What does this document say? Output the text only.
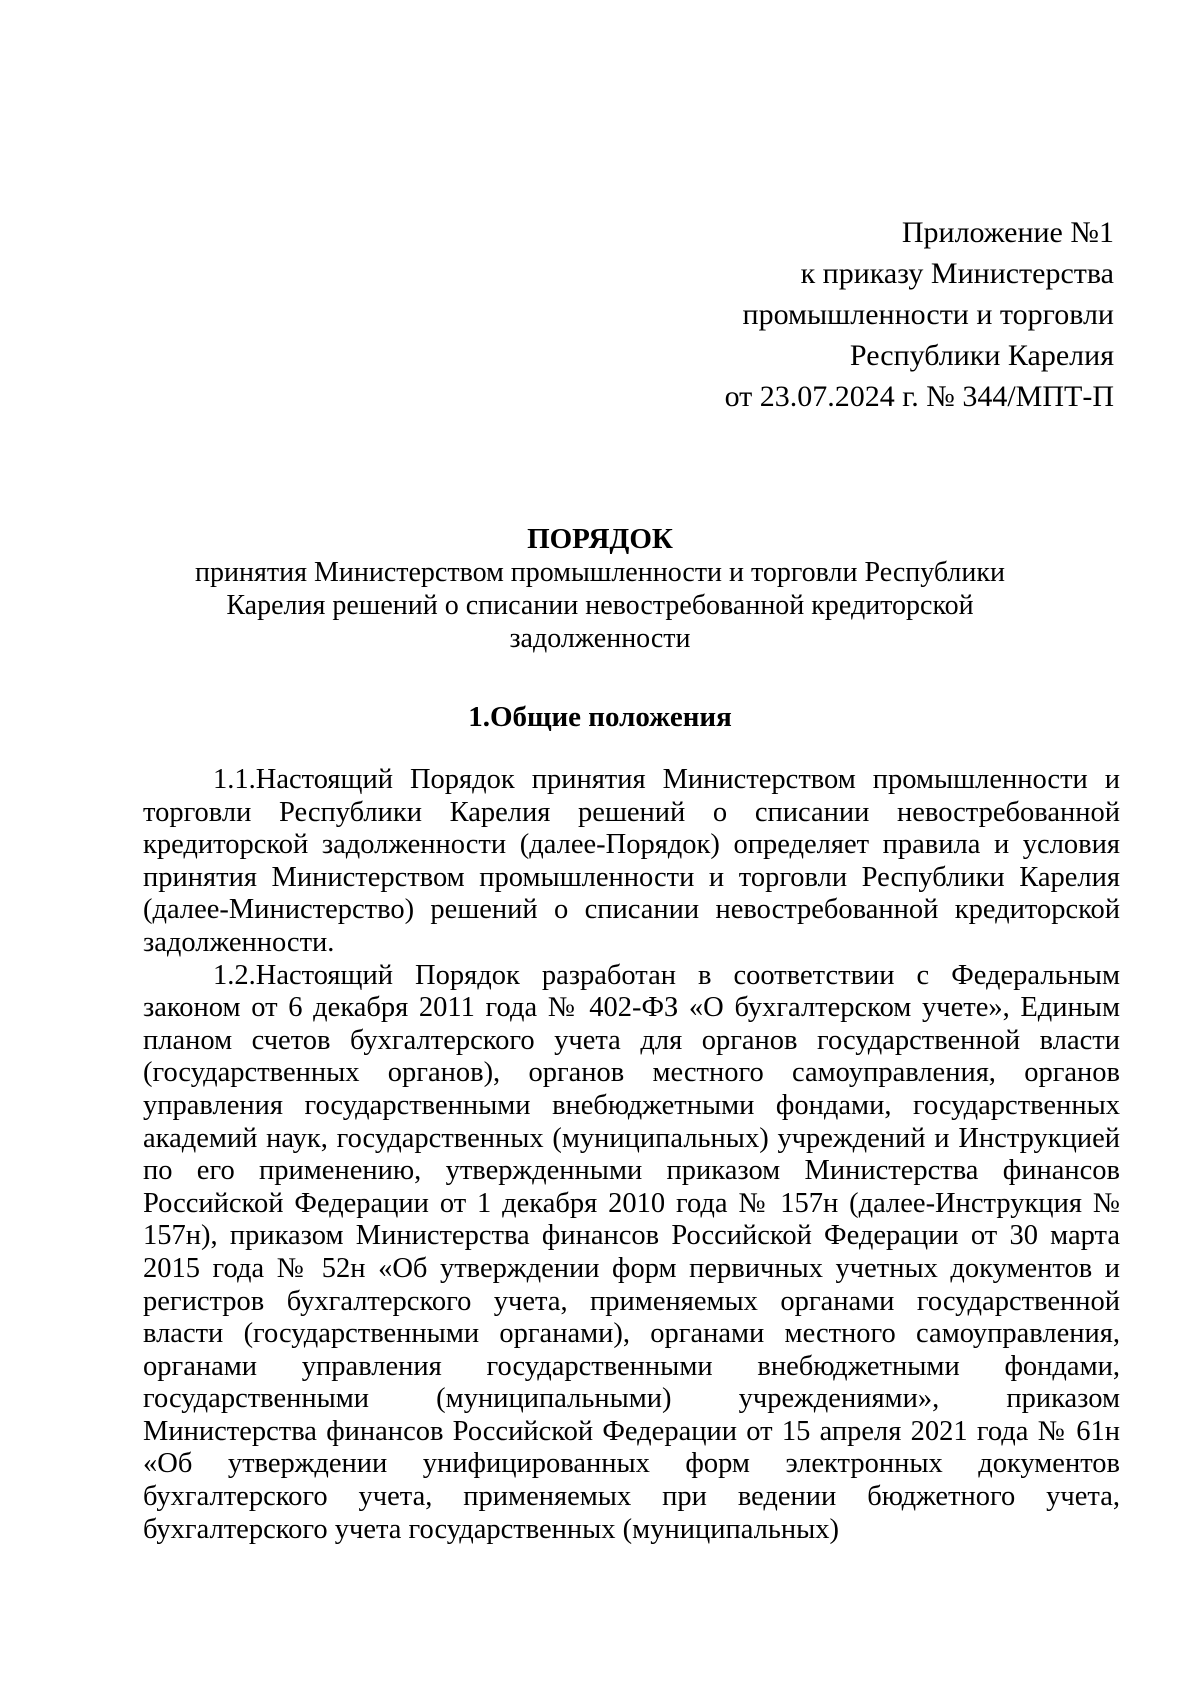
Приложение №1
к приказу Министерства
промышленности и торговли
Республики Карелия
от 23.07.2024 г. № 344/МПТ-П
ПОРЯДОК
принятия Министерством промышленности и торговли Республики
Карелия решений о списании невостребованной кредиторской
задолженности
1.Общие положения

1.1.Настоящий Порядок принятия Министерством промышленности и торговли Республики Карелия решений о списании невостребованной кредиторской задолженности (далее-Порядок) определяет правила и условия принятия Министерством промышленности и торговли Республики Карелия (далее-Министерство) решений о списании невостребованной кредиторской задолженности.

1.2.Настоящий Порядок разработан в соответствии с Федеральным законом от 6 декабря 2011 года № 402-ФЗ «О бухгалтерском учете», Единым планом счетов бухгалтерского учета для органов государственной власти (государственных органов), органов местного самоуправления, органов управления государственными внебюджетными фондами, государственных академий наук, государственных (муниципальных) учреждений и Инструкцией по его применению, утвержденными приказом Министерства финансов Российской Федерации от 1 декабря 2010 года № 157н (далее-Инструкция № 157н), приказом Министерства финансов Российской Федерации от 30 марта 2015 года № 52н «Об утверждении форм первичных учетных документов и регистров бухгалтерского учета, применяемых органами государственной власти (государственными органами), органами местного самоуправления, органами управления государственными внебюджетными фондами, государственными (муниципальными) учреждениями», приказом Министерства финансов Российской Федерации от 15 апреля 2021 года № 61н «Об утверждении унифицированных форм электронных документов бухгалтерского учета, применяемых при ведении бюджетного учета, бухгалтерского учета государственных (муниципальных)
